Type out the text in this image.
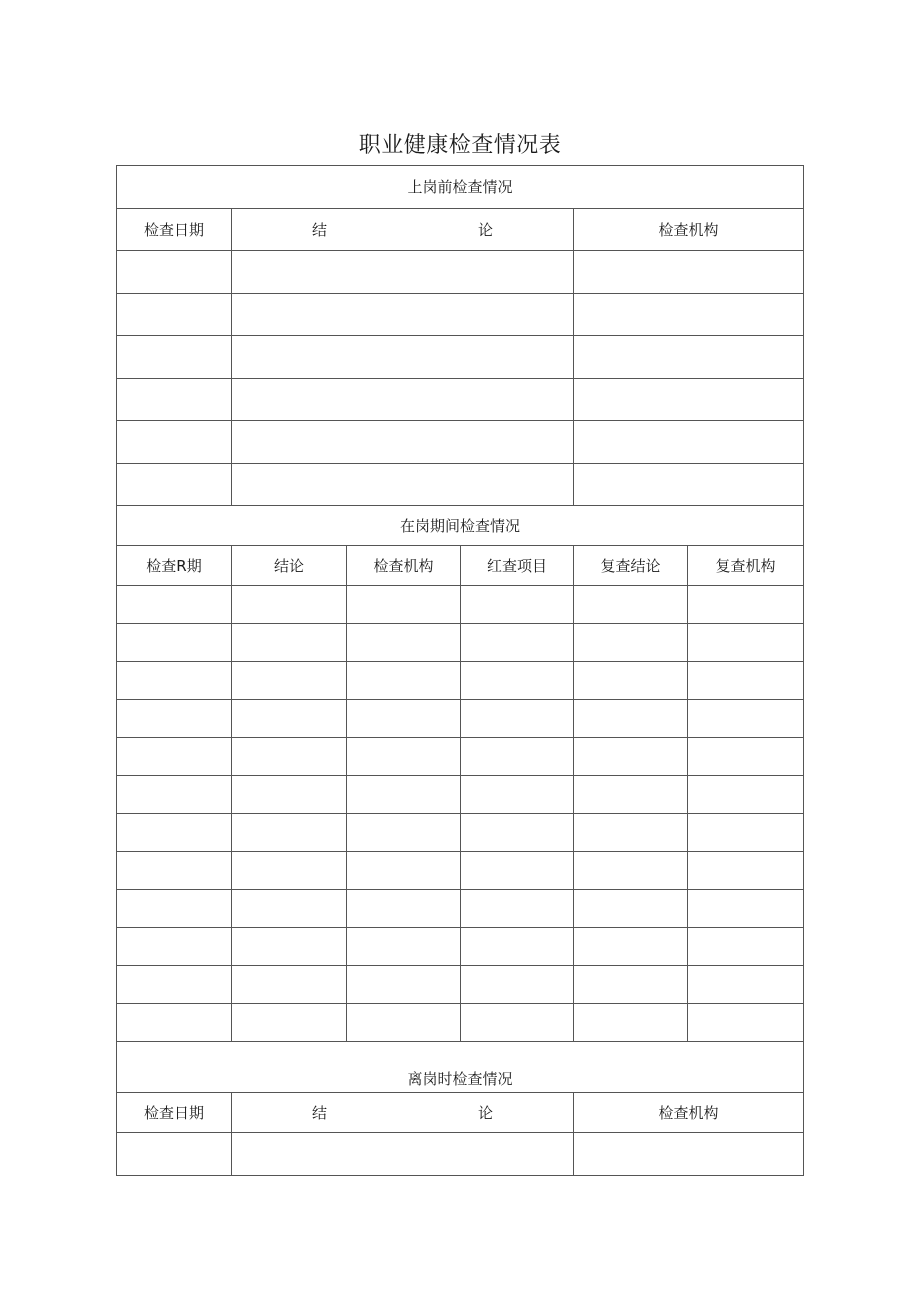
职业健康检查情况表
上岗前检查情况		
检查日期	结 论	检查机构

在岗期间检查情况					
检查R期	结论	检查机构	红查项目	复查结论	复查机构

离岗时检查情况		
检查日期	结 论	检查机构
